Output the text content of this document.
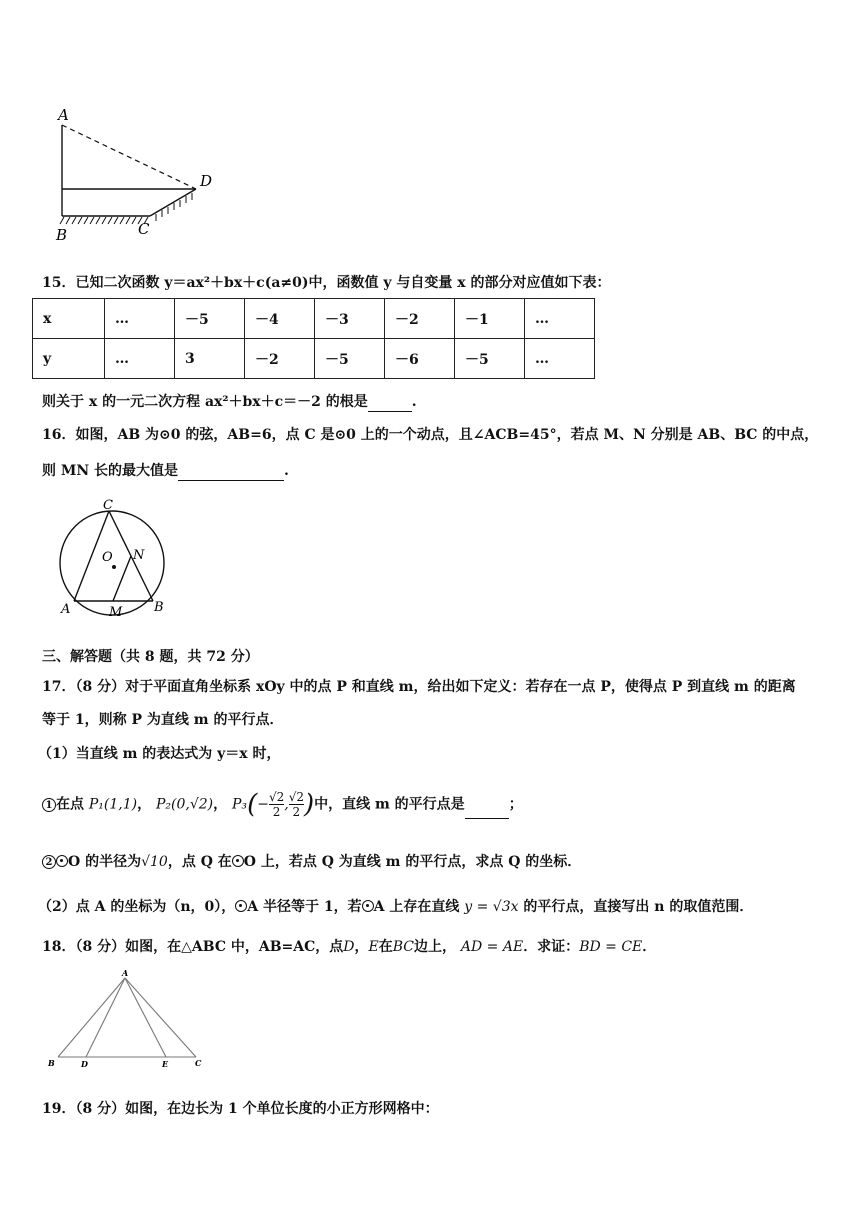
A
B	C
D
15．已知二次函数 y＝ax²＋bx＋c(a≠0)中，函数值 y 与自变量 x 的部分对应值如下表：
x	…	－5	－4	－3	－2	－1	…
y	…	3	－2	－5	－6	－5	…
则关于 x 的一元二次方程 ax²＋bx＋c＝－2 的根是	.
16．如图，AB 为⊙0 的弦，AB=6，点 C 是⊙0 上的一个动点，且∠ACB=45°，若点 M、N 分别是 AB、BC 的中点，
则 MN 长的最大值是	.
C
O N
A	M B
三、解答题（共 8 题，共 72 分）
17．（8 分）对于平面直角坐标系 xOy 中的点 P 和直线 m，给出如下定义：若存在一点 P，使得点 P 到直线 m 的距离
等于 1，则称 P 为直线 m 的平行点．
（1）当直线 m 的表达式为 y＝x 时，
1 在点 P₁(1,1)， P₂(0,√2)， $P_3(- \frac{√2}{2}$ , $\frac{√2}{2}$ )中，直线 m 的平行点是	；
2 O 的半径为√10，点 Q 在 O 上，若点 Q 为直线 m 的平行点，求点 Q 的坐标．
（2）点 A 的坐标为（n，0）， A 半径等于 1，若 A 上存在直线 y = √3x 的平行点，直接写出 n 的取值范围．
18．（8 分）如图，在△ABC 中，AB=AC，点D，E在BC边上， AD = AE．求证：BD = CE．
A
B	D	E	C
19．（8 分）如图，在边长为 1 个单位长度的小正方形网格中：
